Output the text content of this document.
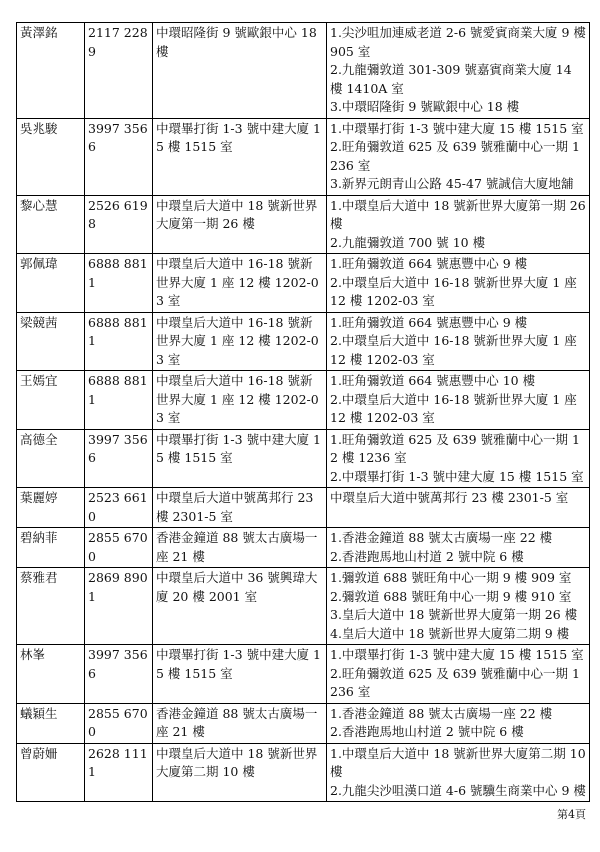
黃澤銘	2117 2289	中環昭隆街 9 號歐銀中心 18 樓	1.尖沙咀加連威老道 2-6 號愛賓商業大廈 9 樓 905 室
2.九龍彌敦道 301-309 號嘉賓商業大廈 14 樓 1410A 室
3.中環昭隆街 9 號歐銀中心 18 樓

吳兆駿	3997 3566	中環畢打街 1-3 號中建大廈 15 樓 1515 室	1.中環畢打街 1-3 號中建大廈 15 樓 1515 室
2.旺角彌敦道 625 及 639 號雅蘭中心一期 1236 室
3.新界元朗青山公路 45-47 號誠信大廈地舖

黎心慧	2526 6198	中環皇后大道中 18 號新世界大廈第一期 26 樓	1.中環皇后大道中 18 號新世界大廈第一期 26 樓
2.九龍彌敦道 700 號 10 樓

郭佩瑋	6888 8811	中環皇后大道中 16-18 號新世界大廈 1 座 12 樓 1202-03 室	1.旺角彌敦道 664 號惠豐中心 9 樓
2.中環皇后大道中 16-18 號新世界大廈 1 座 12 樓 1202-03 室

梁競茜	6888 8811	中環皇后大道中 16-18 號新世界大廈 1 座 12 樓 1202-03 室	1.旺角彌敦道 664 號惠豐中心 9 樓
2.中環皇后大道中 16-18 號新世界大廈 1 座 12 樓 1202-03 室

王嫣宜	6888 8811	中環皇后大道中 16-18 號新世界大廈 1 座 12 樓 1202-03 室	1.旺角彌敦道 664 號惠豐中心 10 樓
2.中環皇后大道中 16-18 號新世界大廈 1 座 12 樓 1202-03 室

高德全	3997 3566	中環畢打街 1-3 號中建大廈 15 樓 1515 室	1.旺角彌敦道 625 及 639 號雅蘭中心一期 12 樓 1236 室
2.中環畢打街 1-3 號中建大廈 15 樓 1515 室

葉麗婷	2523 6610	中環皇后大道中號萬邦行 23 樓 2301-5 室	中環皇后大道中號萬邦行 23 樓 2301-5 室

碧納菲	2855 6700	香港金鐘道 88 號太古廣場一座 21 樓	1.香港金鐘道 88 號太古廣場一座 22 樓
2.香港跑馬地山村道 2 號中院 6 樓

蔡雅君	2869 8901	中環皇后大道中 36 號興瑋大廈 20 樓 2001 室	1.彌敦道 688 號旺角中心一期 9 樓 909 室
2.彌敦道 688 號旺角中心一期 9 樓 910 室
3.皇后大道中 18 號新世界大廈第一期 26 樓
4.皇后大道中 18 號新世界大廈第二期 9 樓

林峯	3997 3566	中環畢打街 1-3 號中建大廈 15 樓 1515 室	1.中環畢打街 1-3 號中建大廈 15 樓 1515 室
2.旺角彌敦道 625 及 639 號雅蘭中心一期 1236 室

蟻穎生	2855 6700	香港金鐘道 88 號太古廣場一座 21 樓	1.香港金鐘道 88 號太古廣場一座 22 樓
2.香港跑馬地山村道 2 號中院 6 樓

曾蔚姍	2628 1111	中環皇后大道中 18 號新世界大廈第二期 10 樓	1.中環皇后大道中 18 號新世界大廈第二期 10 樓
2.九龍尖沙咀漢口道 4-6 號驥生商業中心 9 樓
第4頁
